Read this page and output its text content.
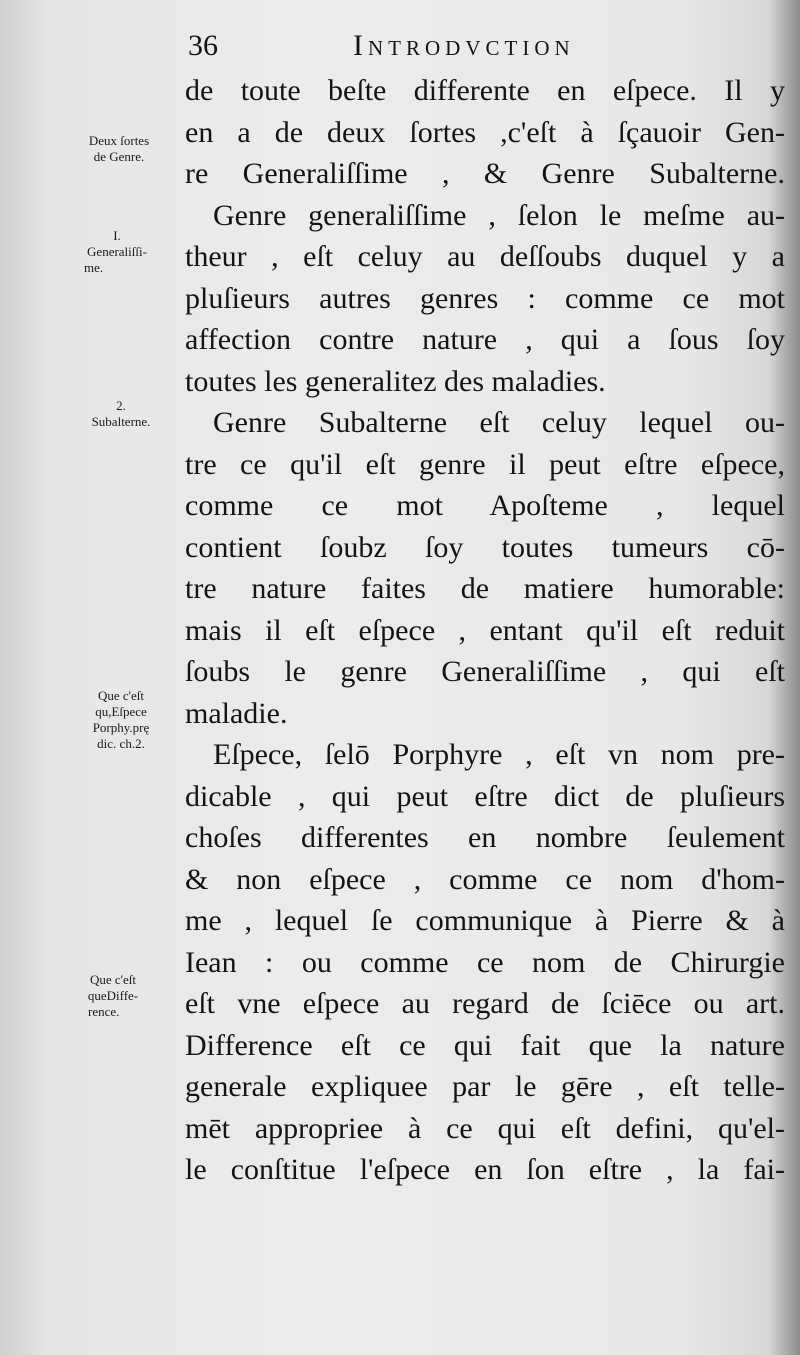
36	Introdvction
Deux ſortes
de Genre.
I.
Generaliſſi-
me.
2.
Subalterne.
Que c'eſt
qu,Eſpece
Porphy.prę
dic. ch.2.
Que c'eſt
queDiffe-
rence.
de toute beſte differente en eſpece. Il y
en a de deux ſortes ,c'eſt à ſçauoir Gen-
re Generaliſſime , & Genre Subalterne.
Genre generaliſſime , ſelon le meſme au-
theur , eſt celuy au deſſoubs duquel y a
pluſieurs autres genres : comme ce mot
affection contre nature , qui a ſous ſoy
toutes les generalitez des maladies.
Genre Subalterne eſt celuy lequel ou-
tre ce qu'il eſt genre il peut eſtre eſpece,
comme ce mot Apoſteme , lequel
contient ſoubz ſoy toutes tumeurs cō-
tre nature faites de matiere humorable:
mais il eſt eſpece , entant qu'il eſt reduit
ſoubs le genre Generaliſſime , qui eſt
maladie.
Eſpece, ſelō Porphyre , eſt vn nom pre-
dicable , qui peut eſtre dict de pluſieurs
choſes differentes en nombre ſeulement
& non eſpece , comme ce nom d'hom-
me , lequel ſe communique à Pierre & à
Iean : ou comme ce nom de Chirurgie
eſt vne eſpece au regard de ſciēce ou art.
Difference eſt ce qui fait que la nature
generale expliquee par le gēre , eſt telle-
mēt appropriee à ce qui eſt defini, qu'el-
le conſtitue l'eſpece en ſon eſtre , la fai-
